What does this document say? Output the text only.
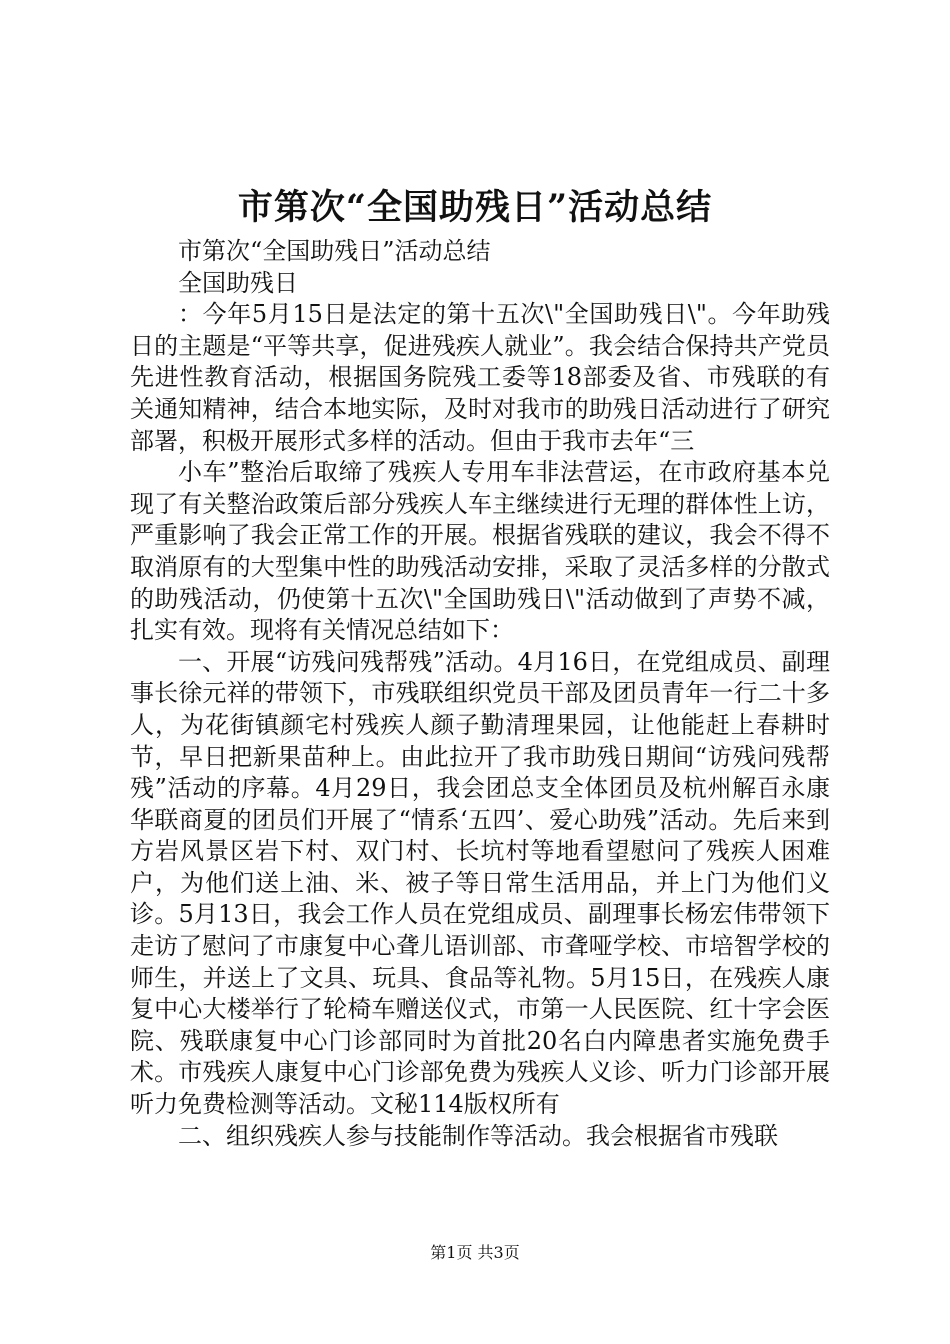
市第次“全国助残日”活动总结

市第次“全国助残日”活动总结

全国助残日

：今年5月15日是法定的第十五次\"全国助残日\"。今年助残日的主题是“平等共享，促进残疾人就业”。我会结合保持共产党员先进性教育活动，根据国务院残工委等18部委及省、市残联的有关通知精神，结合本地实际，及时对我市的助残日活动进行了研究部署，积极开展形式多样的活动。但由于我市去年“三

小车”整治后取缔了残疾人专用车非法营运，在市政府基本兑现了有关整治政策后部分残疾人车主继续进行无理的群体性上访，严重影响了我会正常工作的开展。根据省残联的建议，我会不得不取消原有的大型集中性的助残活动安排，采取了灵活多样的分散式的助残活动，仍使第十五次\"全国助残日\"活动做到了声势不减，扎实有效。现将有关情况总结如下：

一、开展“访残问残帮残”活动。4月16日，在党组成员、副理事长徐元祥的带领下，市残联组织党员干部及团员青年一行二十多人，为花街镇颜宅村残疾人颜子勤清理果园，让他能赶上春耕时节，早日把新果苗种上。由此拉开了我市助残日期间“访残问残帮残”活动的序幕。4月29日，我会团总支全体团员及杭州解百永康华联商夏的团员们开展了“情系‘五四’、爱心助残”活动。先后来到方岩风景区岩下村、双门村、长坑村等地看望慰问了残疾人困难户，为他们送上油、米、被子等日常生活用品，并上门为他们义诊。5月13日，我会工作人员在党组成员、副理事长杨宏伟带领下走访了慰问了市康复中心聋儿语训部、市聋哑学校、市培智学校的师生，并送上了文具、玩具、食品等礼物。5月15日，在残疾人康复中心大楼举行了轮椅车赠送仪式，市第一人民医院、红十字会医院、残联康复中心门诊部同时为首批20名白内障患者实施免费手术。市残疾人康复中心门诊部免费为残疾人义诊、听力门诊部开展听力免费检测等活动。文秘114版权所有

二、组织残疾人参与技能制作等活动。我会根据省市残联

第1页 共3页
